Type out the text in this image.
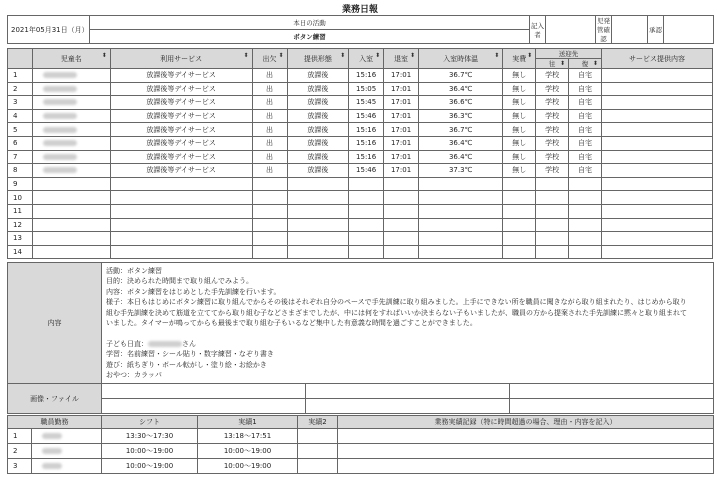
業務日報
2021年05月31日（月）	本日の活動	記入者		児発管確認		承認	
ボタン練習
	児童名 ⬍	利用サービス ⬍	出欠 ⬍	提供形態 ⬍	入室 ⬍	退室 ⬍	入室時体温 ⬍	実費 ⬍	送迎先		サービス提供内容
									往 ⬍	復 ⬍	

1		放課後等デイサービス	出	放課後	15:16	17:01	36.7℃	無し	学校	自宅	
2		放課後等デイサービス	出	放課後	15:05	17:01	36.4℃	無し	学校	自宅	
3		放課後等デイサービス	出	放課後	15:45	17:01	36.6℃	無し	学校	自宅	
4		放課後等デイサービス	出	放課後	15:46	17:01	36.3℃	無し	学校	自宅	
5		放課後等デイサービス	出	放課後	15:16	17:01	36.7℃	無し	学校	自宅	
6		放課後等デイサービス	出	放課後	15:16	17:01	36.4℃	無し	学校	自宅	
7		放課後等デイサービス	出	放課後	15:16	17:01	36.4℃	無し	学校	自宅	
8		放課後等デイサービス	出	放課後	15:46	17:01	37.3℃	無し	学校	自宅	
9											
10											
11											
12											
13											
14											
内容	
活動：ボタン練習
目的：決められた時間まで取り組んでみよう。
内容：ボタン練習をはじめとした手先訓練を行います。
様子：本日もはじめにボタン練習に取り組んでからその後はそれぞれ自分のペースで手先訓練に取り組みました。上手にできない所を職員に聞きながら取り組まれたり、はじめから取り
組む手先訓練を決めて筋道を立ててから取り組む子などさまざまでしたが、中には何をすればいいか決まらない子もいましたが、職員の方から提案された手先訓練に黙々と取り組まれて
いました。タイマーが鳴ってからも最後まで取り組む子もいるなど集中した有意義な時間を過ごすことができました。
子ども日直：	さん
学習：名前練習・シール貼り・数字練習・なぞり書き
遊び：紙ちぎり・ボール転がし・塗り絵・お絵かき
おやつ：カラッパ
画像・ファイル			

職員勤務		シフト	実績1	実績2	業務実績記録（特に時間超過の場合、理由・内容を記入）
1		13:30〜17:30	13:18〜17:51		
2		10:00〜19:00	10:00〜19:00		
3		10:00〜19:00	10:00〜19:00		
